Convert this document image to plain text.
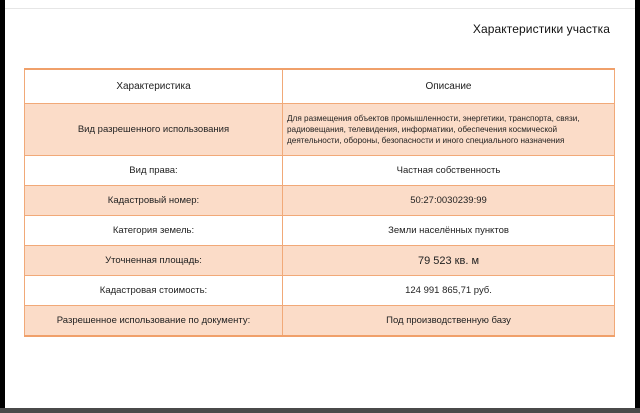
Характеристики участка
Характеристика	Описание
Вид разрешенного использования	Для размещения объектов промышленности, энергетики, транспорта, связи, радиовещания, телевидения, информатики, обеспечения космической деятельности, обороны, безопасности и иного специального назначения
Вид права:	Частная собственность
Кадастровый номер:	50:27:0030239:99
Категория земель:	Земли населённых пунктов
Уточненная площадь:	79 523 кв. м
Кадастровая стоимость:	124 991 865,71 руб.
Разрешенное использование по документу:	Под производственную базу
